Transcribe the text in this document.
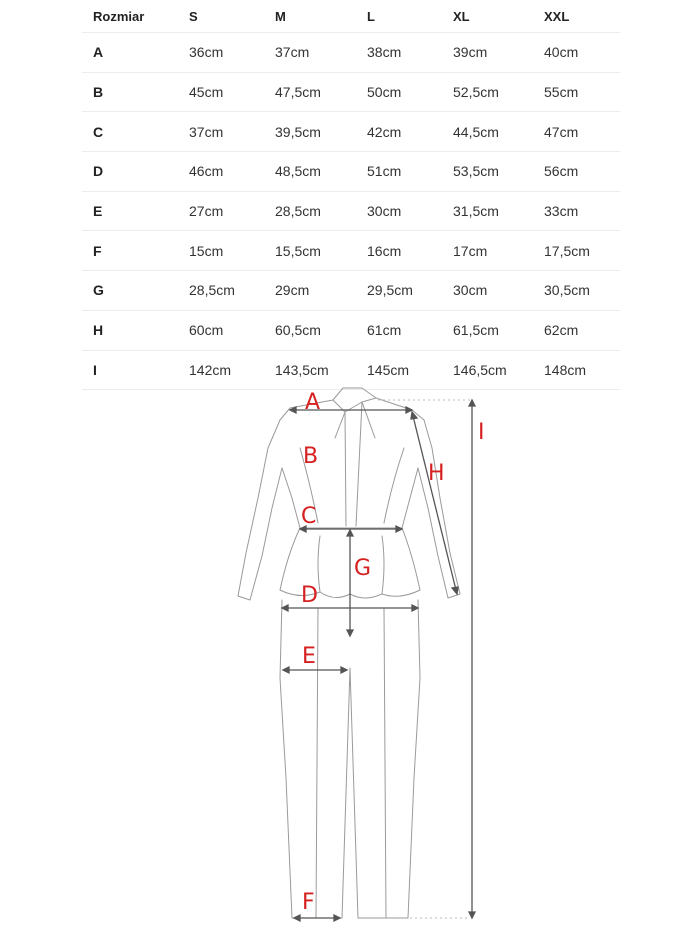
Rozmiar	S	M	L	XL	XXL
A	36cm	37cm	38cm	39cm	40cm
B	45cm	47,5cm	50cm	52,5cm	55cm
C	37cm	39,5cm	42cm	44,5cm	47cm
D	46cm	48,5cm	51cm	53,5cm	56cm
E	27cm	28,5cm	30cm	31,5cm	33cm
F	15cm	15,5cm	16cm	17cm	17,5cm
G	28,5cm	29cm	29,5cm	30cm	30,5cm
H	60cm	60,5cm	61cm	61,5cm	62cm
I	142cm	143,5cm	145cm	146,5cm	148cm
A
B
C
D
E
F
G
H
I
